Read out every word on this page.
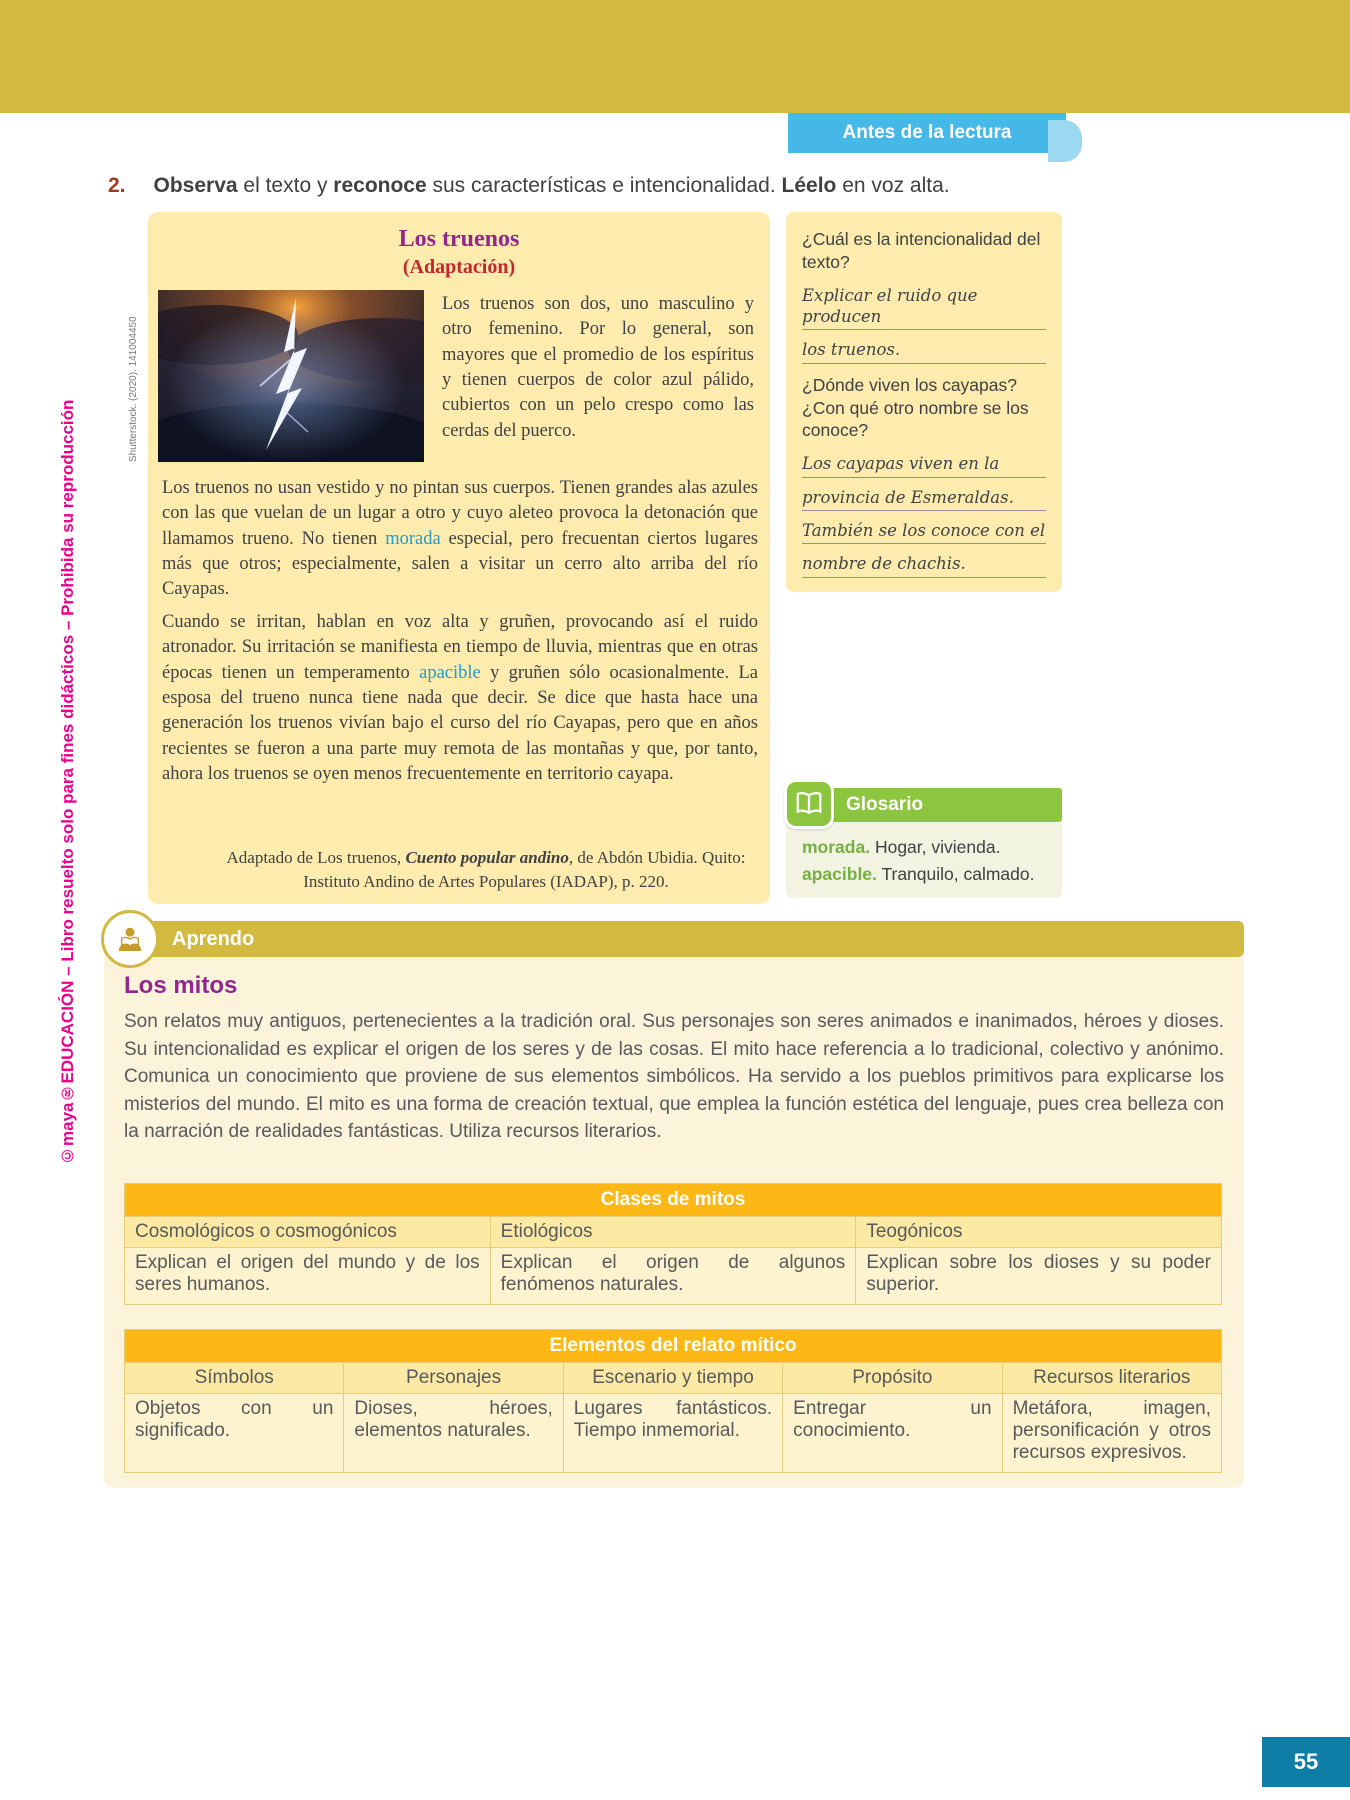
Antes de la lectura
©maya®EDUCACIÓN – Libro resuelto solo para fines didácticos – Prohibida su reproducción
2. Observa el texto y reconoce sus características e intencionalidad. Léelo en voz alta.
Los truenos
(Adaptación)
Shutterstock. (2020). 141004450
Los truenos son dos, uno masculino y otro femenino. Por lo general, son mayores que el promedio de los espíritus y tienen cuerpos de color azul pálido, cubiertos con un pelo crespo como las cerdas del puerco.
Los truenos no usan vestido y no pintan sus cuerpos. Tienen grandes alas azules con las que vuelan de un lugar a otro y cuyo aleteo provoca la detonación que llamamos trueno. No tienen morada especial, pero frecuentan ciertos lugares más que otros; especialmente, salen a visitar un cerro alto arriba del río Cayapas.
Cuando se irritan, hablan en voz alta y gruñen, provocando así el ruido atronador. Su irritación se manifiesta en tiempo de lluvia, mientras que en otras épocas tienen un temperamento apacible y gruñen sólo ocasionalmente. La esposa del trueno nunca tiene nada que decir. Se dice que hasta hace una generación los truenos vivían bajo el curso del río Cayapas, pero que en años recientes se fueron a una parte muy remota de las montañas y que, por tanto, ahora los truenos se oyen menos frecuentemente en territorio cayapa.
Adaptado de Los truenos, Cuento popular andino, de Abdón Ubidia. Quito: Instituto Andino de Artes Populares (IADAP), p. 220.
¿Cuál es la intencionalidad del texto?
Explicar el ruido que producen
los truenos.
¿Dónde viven los cayapas? ¿Con qué otro nombre se los conoce?
Los cayapas viven en la
provincia de Esmeraldas.
También se los conoce con el
nombre de chachis.
Glosario
morada. Hogar, vivienda.
apacible. Tranquilo, calmado.
Aprendo
Los mitos
Son relatos muy antiguos, pertenecientes a la tradición oral. Sus personajes son seres animados e inanimados, héroes y dioses. Su intencionalidad es explicar el origen de los seres y de las cosas. El mito hace referencia a lo tradicional, colectivo y anónimo. Comunica un conocimiento que proviene de sus elementos simbólicos. Ha servido a los pueblos primitivos para explicarse los misterios del mundo. El mito es una forma de creación textual, que emplea la función estética del lenguaje, pues crea belleza con la narración de realidades fantásticas. Utiliza recursos literarios.
Clases de mitos		
Cosmológicos o cosmogónicos	Etiológicos	Teogónicos
Explican el origen del mundo y de los seres humanos.	Explican el origen de algunos fenómenos naturales.	Explican sobre los dioses y su poder superior.
Elementos del relato mítico				
Símbolos	Personajes	Escenario y tiempo	Propósito	Recursos literarios
Objetos con un significado.	Dioses, héroes, elementos naturales.	Lugares fantásticos. Tiempo inmemorial.	Entregar un conocimiento.	Metáfora, imagen, personificación y otros recursos expresivos.
55
